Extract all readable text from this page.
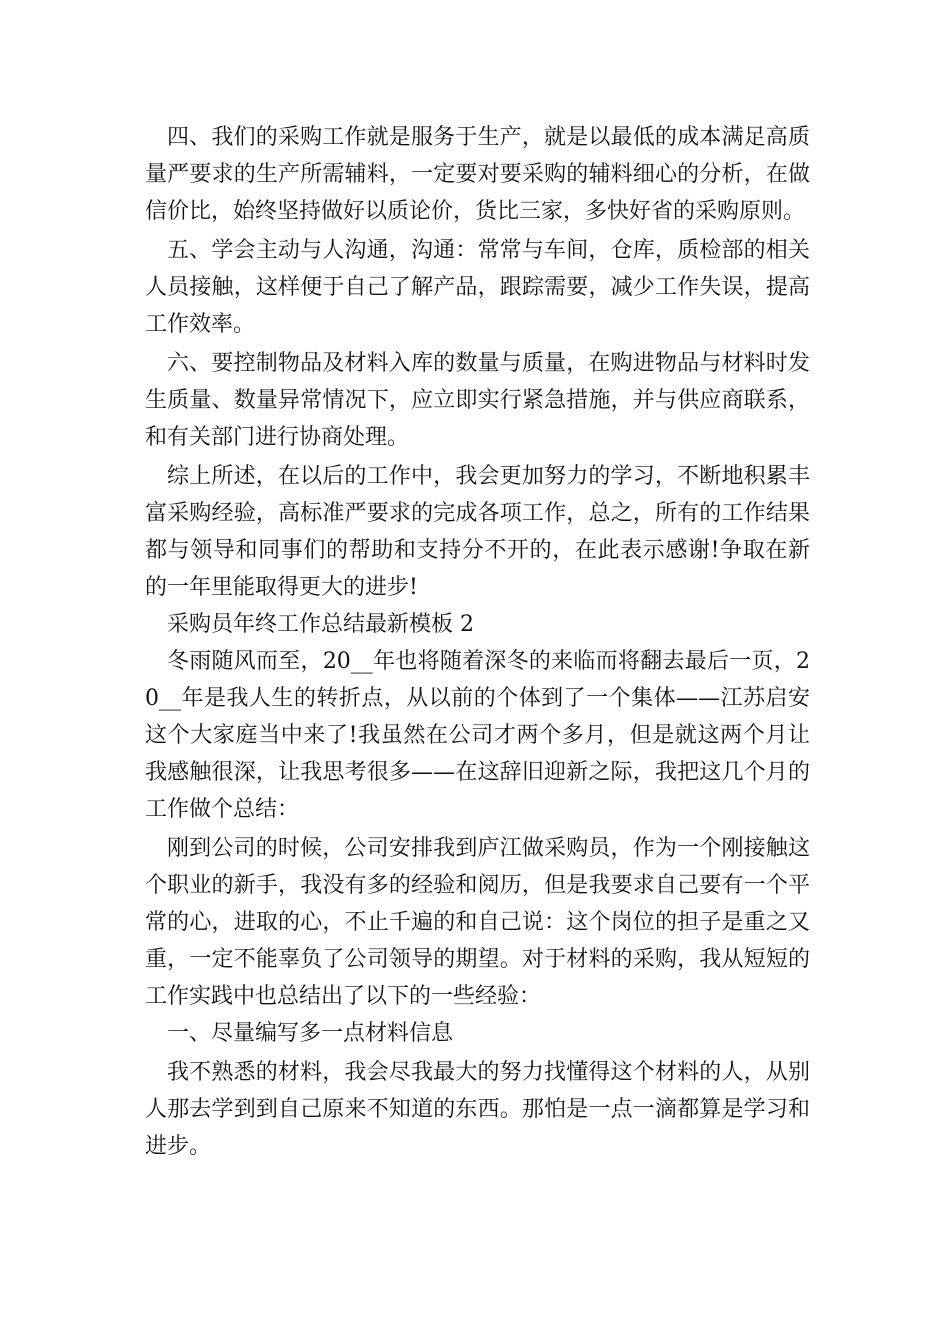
四、我们的采购工作就是服务于生产，就是以最低的成本满足高质量严要求的生产所需辅料，一定要对要采购的辅料细心的分析，在做信价比，始终坚持做好以质论价，货比三家，多快好省的采购原则。

五、学会主动与人沟通，沟通：常常与车间，仓库，质检部的相关人员接触，这样便于自己了解产品，跟踪需要，减少工作失误，提高工作效率。

六、要控制物品及材料入库的数量与质量，在购进物品与材料时发生质量、数量异常情况下，应立即实行紧急措施，并与供应商联系，和有关部门进行协商处理。

综上所述，在以后的工作中，我会更加努力的学习，不断地积累丰富采购经验，高标准严要求的完成各项工作，总之，所有的工作结果都与领导和同事们的帮助和支持分不开的，在此表示感谢!争取在新的一年里能取得更大的进步!

采购员年终工作总结最新模板 2

冬雨随风而至，20__年也将随着深冬的来临而将翻去最后一页，20__年是我人生的转折点，从以前的个体到了一个集体——江苏启安这个大家庭当中来了!我虽然在公司才两个多月，但是就这两个月让我感触很深，让我思考很多——在这辞旧迎新之际，我把这几个月的工作做个总结：

刚到公司的时候，公司安排我到庐江做采购员，作为一个刚接触这个职业的新手，我没有多的经验和阅历，但是我要求自己要有一个平常的心，进取的心，不止千遍的和自己说：这个岗位的担子是重之又重，一定不能辜负了公司领导的期望。对于材料的采购，我从短短的工作实践中也总结出了以下的一些经验：

一、尽量编写多一点材料信息

我不熟悉的材料，我会尽我最大的努力找懂得这个材料的人，从别人那去学到到自己原来不知道的东西。那怕是一点一滴都算是学习和进步。
